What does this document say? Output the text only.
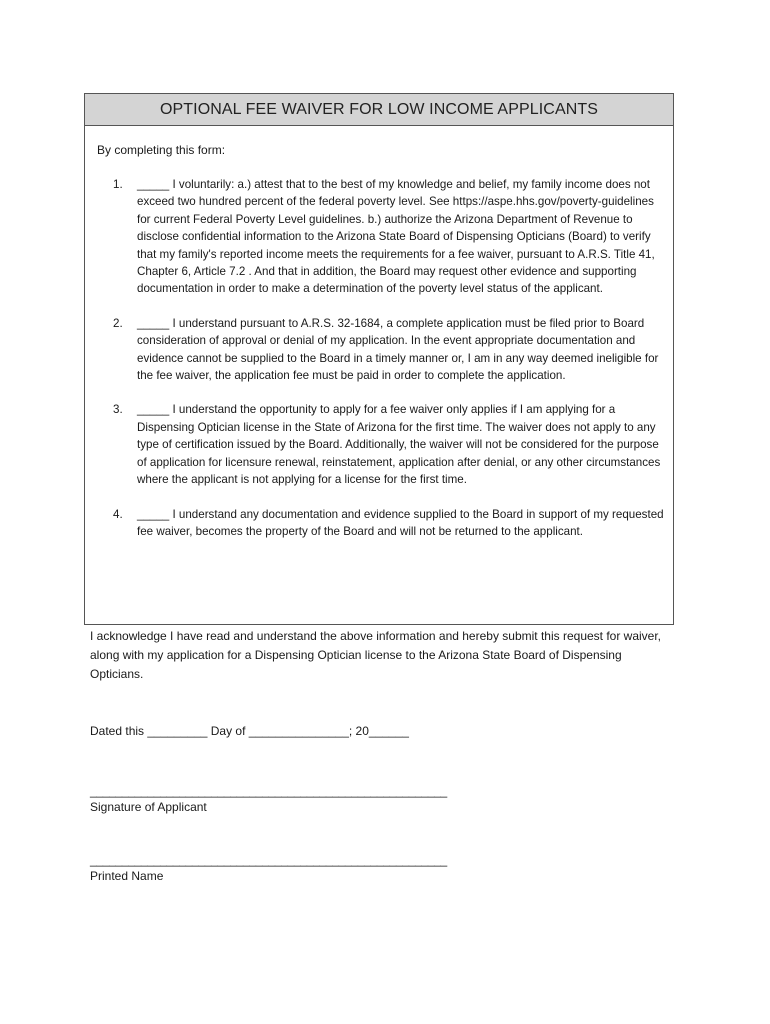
OPTIONAL FEE WAIVER FOR LOW INCOME APPLICANTS
By completing this form:
1. _____ I voluntarily: a.) attest that to the best of my knowledge and belief, my family income does not exceed two hundred percent of the federal poverty level. See https://aspe.hhs.gov/poverty-guidelines for current Federal Poverty Level guidelines. b.) authorize the Arizona Department of Revenue to disclose confidential information to the Arizona State Board of Dispensing Opticians (Board) to verify that my family's reported income meets the requirements for a fee waiver, pursuant to A.R.S. Title 41, Chapter 6, Article 7.2 . And that in addition, the Board may request other evidence and supporting documentation in order to make a determination of the poverty level status of the applicant.
2. _____ I understand pursuant to A.R.S. 32-1684, a complete application must be filed prior to Board consideration of approval or denial of my application. In the event appropriate documentation and evidence cannot be supplied to the Board in a timely manner or, I am in any way deemed ineligible for the fee waiver, the application fee must be paid in order to complete the application.
3. _____ I understand the opportunity to apply for a fee waiver only applies if I am applying for a Dispensing Optician license in the State of Arizona for the first time. The waiver does not apply to any type of certification issued by the Board. Additionally, the waiver will not be considered for the purpose of application for licensure renewal, reinstatement, application after denial, or any other circumstances where the applicant is not applying for a license for the first time.
4. _____ I understand any documentation and evidence supplied to the Board in support of my requested fee waiver, becomes the property of the Board and will not be returned to the applicant.
I acknowledge I have read and understand the above information and hereby submit this request for waiver, along with my application for a Dispensing Optician license to the Arizona State Board of Dispensing Opticians.
Dated this _________ Day of _______________; 20______
________________________________________________________
Signature of Applicant
________________________________________________________
Printed Name
